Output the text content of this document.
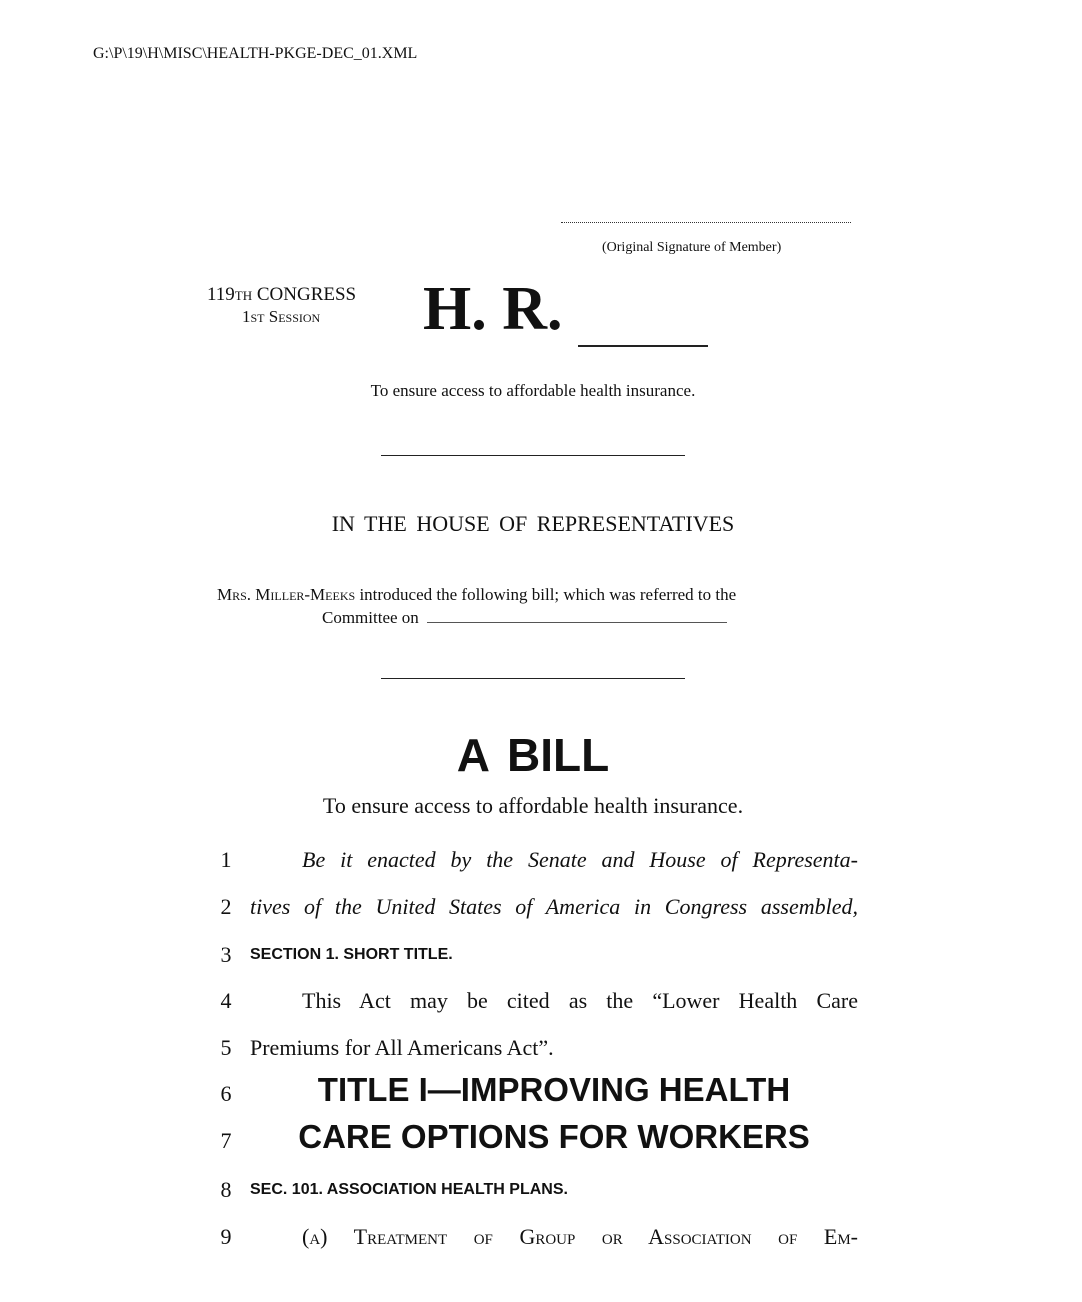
G:\P\19\H\MISC\HEALTH-PKGE-DEC_01.XML
(Original Signature of Member)
119th CONGRESS
1st Session H. R.
To ensure access to affordable health insurance.
IN THE HOUSE OF REPRESENTATIVES
Mrs. Miller-Meeks introduced the following bill; which was referred to the
Committee on
A BILL
To ensure access to affordable health insurance.
1	Be it enacted by the Senate and House of Representa-
2 tives of the United States of America in Congress assembled,
3	SECTION 1. SHORT TITLE.
4	This Act may be cited as the “Lower Health Care
5 Premiums for All Americans Act”.
6	TITLE I—IMPROVING HEALTH
7	CARE OPTIONS FOR WORKERS
8	SEC. 101. ASSOCIATION HEALTH PLANS.
9	(a) Treatment of Group or Association of Em-
